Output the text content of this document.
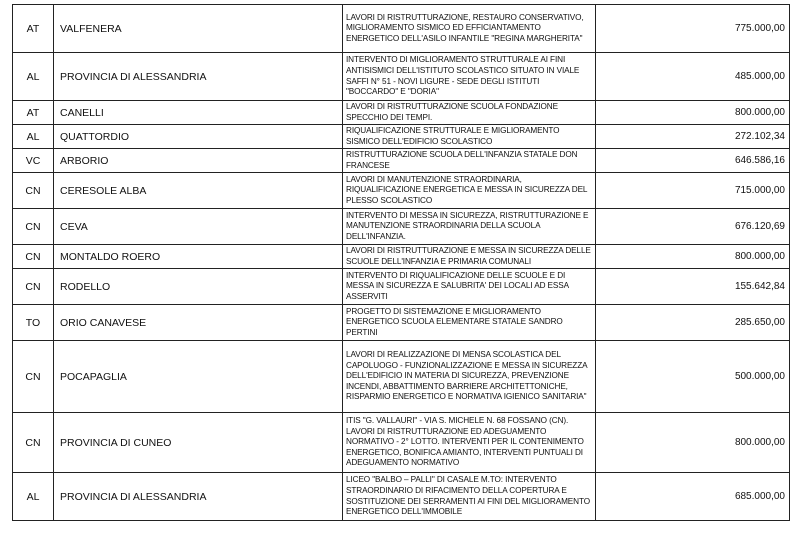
AT	VALFENERA	LAVORI DI RISTRUTTURAZIONE, RESTAURO CONSERVATIVO, MIGLIORAMENTO SISMICO ED EFFICIANTAMENTO ENERGETICO DELL'ASILO INFANTILE "REGINA MARGHERITA"	775.000,00
AL	PROVINCIA DI ALESSANDRIA	INTERVENTO DI MIGLIORAMENTO STRUTTURALE AI FINI ANTISISMICI DELL'ISTITUTO SCOLASTICO SITUATO IN VIALE SAFFI N° 51 - NOVI LIGURE - SEDE DEGLI ISTITUTI "BOCCARDO" E "DORIA"	485.000,00
AT	CANELLI	LAVORI DI RISTRUTTURAZIONE SCUOLA FONDAZIONE SPECCHIO DEI TEMPI.	800.000,00
AL	QUATTORDIO	RIQUALIFICAZIONE STRUTTURALE E MIGLIORAMENTO SISMICO DELL'EDIFICIO SCOLASTICO	272.102,34
VC	ARBORIO	RISTRUTTURAZIONE SCUOLA DELL'INFANZIA STATALE DON FRANCESE	646.586,16
CN	CERESOLE ALBA	LAVORI DI MANUTENZIONE STRAORDINARIA, RIQUALIFICAZIONE ENERGETICA E MESSA IN SICUREZZA DEL PLESSO SCOLASTICO	715.000,00
CN	CEVA	INTERVENTO DI MESSA IN SICUREZZA, RISTRUTTURAZIONE E MANUTENZIONE STRAORDINARIA DELLA SCUOLA DELL'INFANZIA.	676.120,69
CN	MONTALDO ROERO	LAVORI DI RISTRUTTURAZIONE E MESSA IN SICUREZZA DELLE SCUOLE DELL'INFANZIA E PRIMARIA COMUNALI	800.000,00
CN	RODELLO	INTERVENTO DI RIQUALIFICAZIONE DELLE SCUOLE E DI MESSA IN SICUREZZA E SALUBRITA' DEI LOCALI AD ESSA ASSERVITI	155.642,84
TO	ORIO CANAVESE	PROGETTO DI SISTEMAZIONE E MIGLIORAMENTO ENERGETICO SCUOLA ELEMENTARE STATALE SANDRO PERTINI	285.650,00
CN	POCAPAGLIA	LAVORI DI REALIZZAZIONE DI MENSA SCOLASTICA DEL CAPOLUOGO - FUNZIONALIZZAZIONE E MESSA IN SICUREZZA DELL'EDIFICIO IN MATERIA DI SICUREZZA, PREVENZIONE INCENDI, ABBATTIMENTO BARRIERE ARCHITETTONICHE, RISPARMIO ENERGETICO E NORMATIVA IGIENICO SANITARIA"	500.000,00
CN	PROVINCIA DI CUNEO	ITIS "G. VALLAURI" - VIA S. MICHELE N. 68 FOSSANO (CN). LAVORI DI RISTRUTTURAZIONE ED ADEGUAMENTO NORMATIVO - 2° LOTTO. INTERVENTI PER IL CONTENIMENTO ENERGETICO, BONIFICA AMIANTO, INTERVENTI PUNTUALI DI ADEGUAMENTO NORMATIVO	800.000,00
AL	PROVINCIA DI ALESSANDRIA	LICEO "BALBO – PALLI" DI CASALE M.TO: INTERVENTO STRAORDINARIO DI RIFACIMENTO DELLA COPERTURA E SOSTITUZIONE DEI SERRAMENTI AI FINI DEL MIGLIORAMENTO ENERGETICO DELL'IMMOBILE	685.000,00
